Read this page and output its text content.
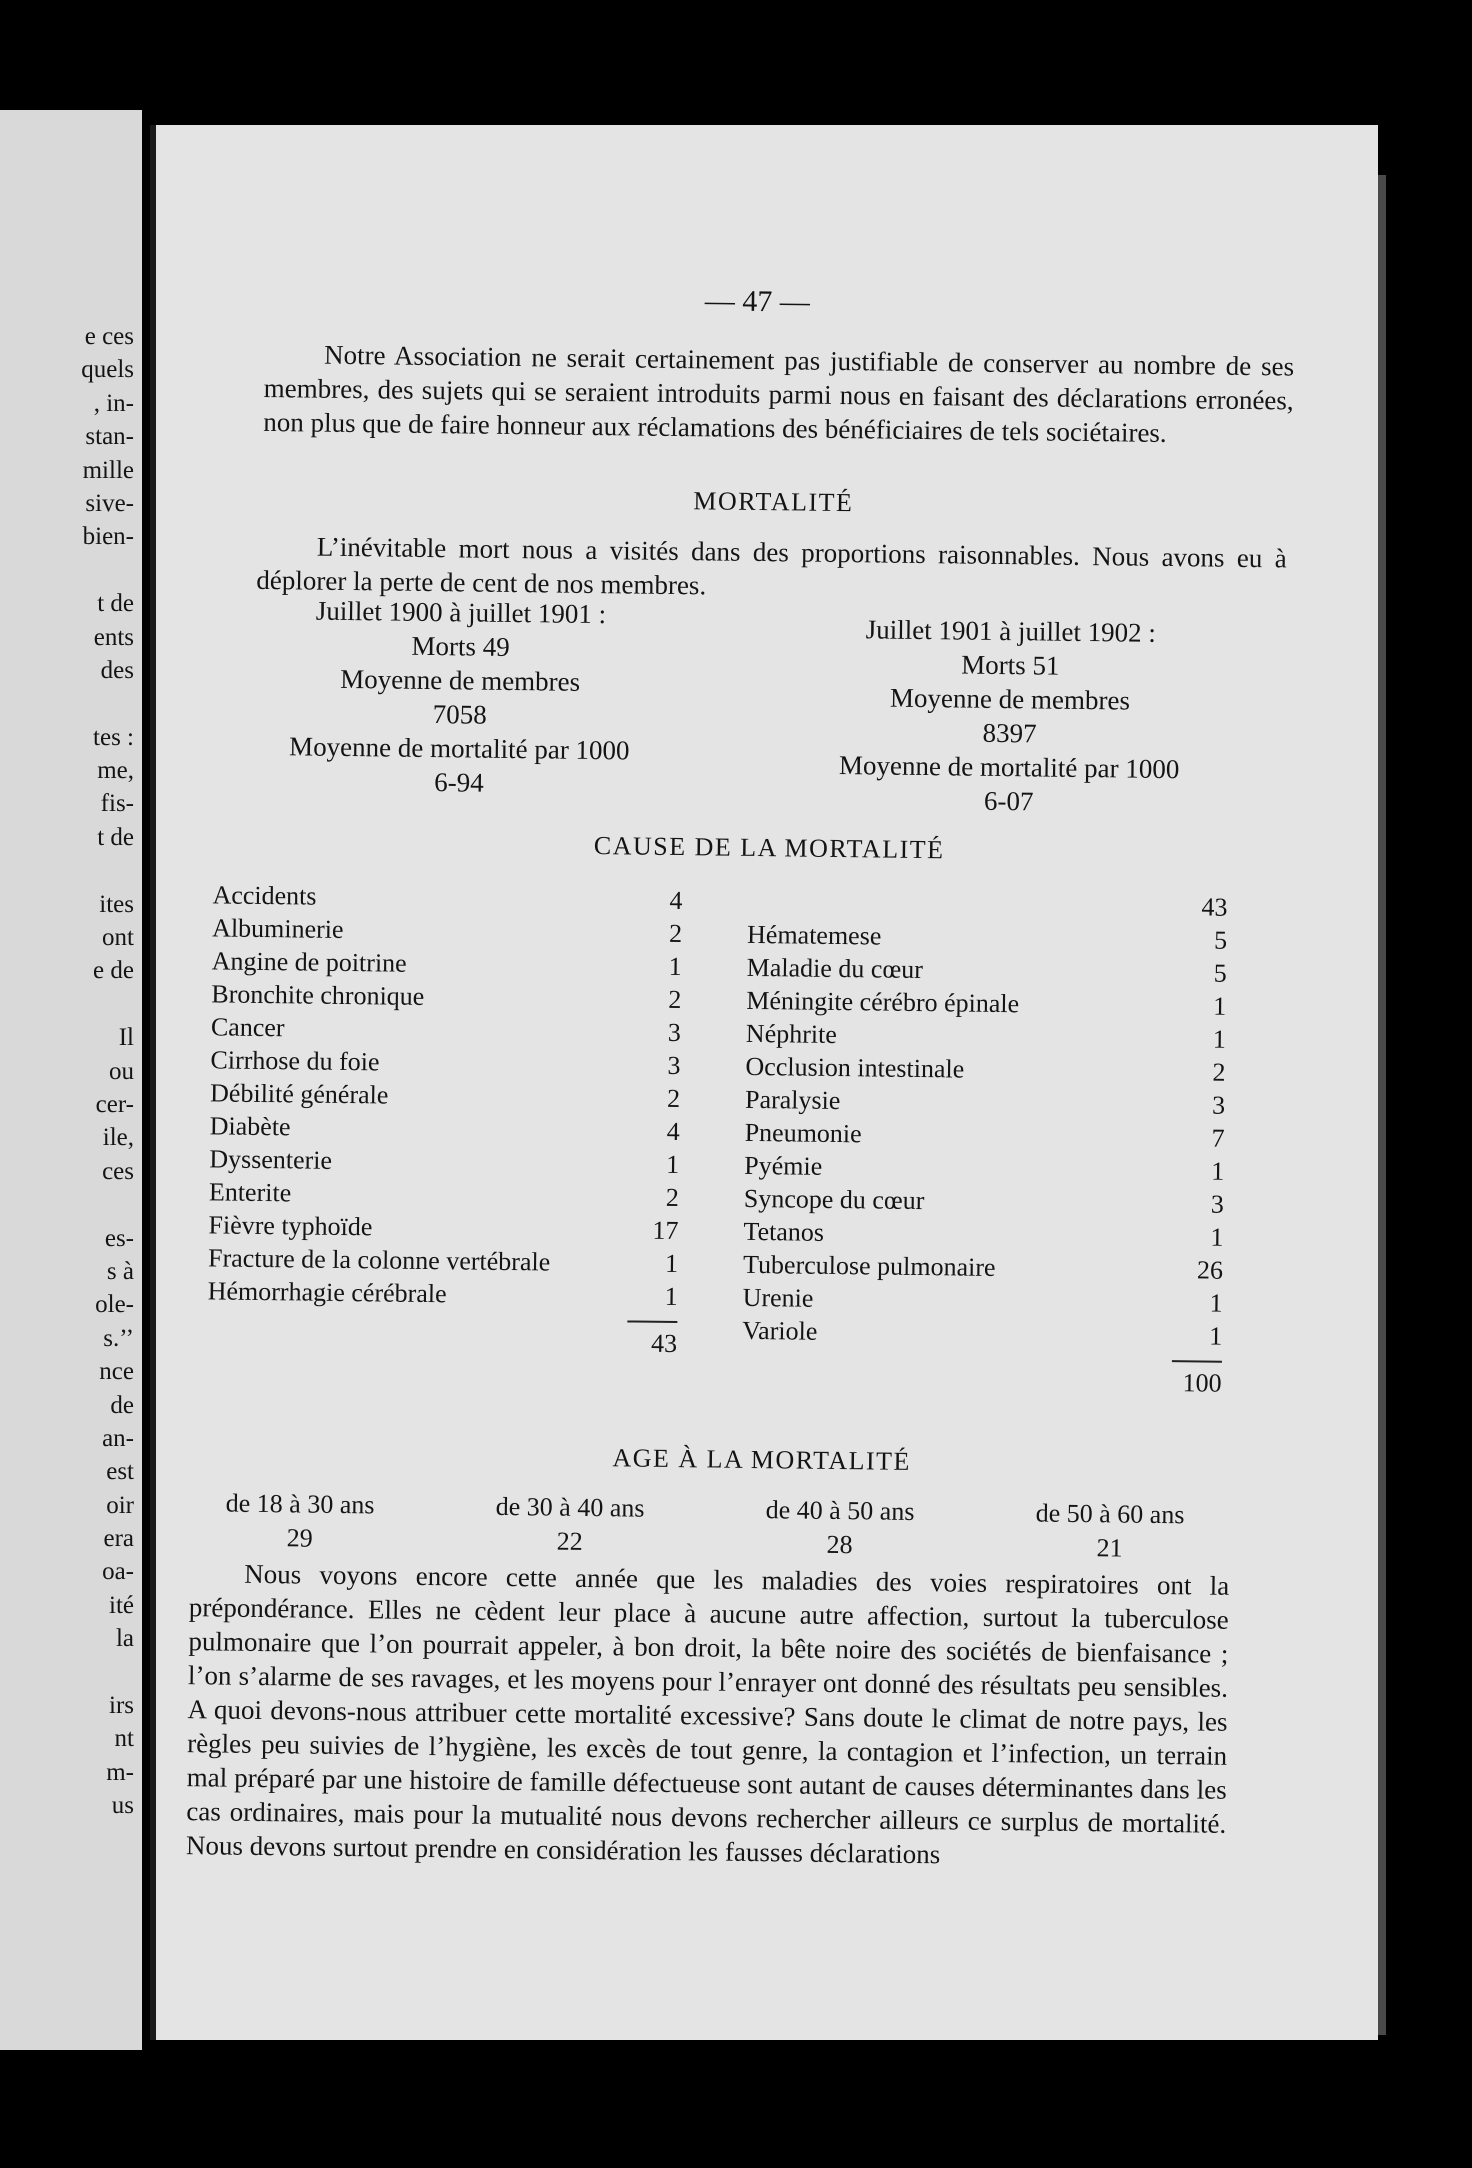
e ces
quels
, in-
stan-
mille
sive-
bien-
t de
ents
des
tes :
me,
fis-
t de
ites
ont
e de
Il
ou
cer-
ile,
ces
es-
s à
ole-
s.’’
nce
de
an-
est
oir
era
oa-
ité
la
irs
nt
m-
us
— 47 —
Notre Association ne serait certainement pas justifiable de conserver au nombre de ses membres, des sujets qui se seraient introduits parmi nous en faisant des déclarations erronées, non plus que de faire honneur aux réclamations des bénéficiaires de tels sociétaires.
MORTALITÉ
L’inévitable mort nous a visités dans des proportions raisonnables. Nous avons eu à déplorer la perte de cent de nos membres.
Juillet 1900 à juillet 1901 :
Morts 49
Moyenne de membres
7058
Moyenne de mortalité par 1000
6-94
Juillet 1901 à juillet 1902 :
Morts 51
Moyenne de membres
8397
Moyenne de mortalité par 1000
6-07
CAUSE DE LA MORTALITÉ
Accidents	4
Albuminerie	2
Angine de poitrine	1
Bronchite chronique	2
Cancer	3
Cirrhose du foie	3
Débilité générale	2
Diabète	4
Dyssenterie	1
Enterite	2
Fièvre typhoïde	17
Fracture de la colonne vertébrale	1
Hémorrhagie cérébrale	1
43
43
Hématemese	5
Maladie du cœur	5
Méningite cérébro épinale	1
Néphrite	1
Occlusion intestinale	2
Paralysie	3
Pneumonie	7
Pyémie	1
Syncope du cœur	3
Tetanos	1
Tuberculose pulmonaire	26
Urenie	1
Variole	1
100
AGE À LA MORTALITÉ
de 18 à 30 ans
29
de 30 à 40 ans
22
de 40 à 50 ans
28
de 50 à 60 ans
21
Nous voyons encore cette année que les maladies des voies respiratoires ont la prépondérance. Elles ne cèdent leur place à aucune autre affection, surtout la tuberculose pulmonaire que l’on pourrait appeler, à bon droit, la bête noire des sociétés de bienfaisance ; l’on s’alarme de ses ravages, et les moyens pour l’enrayer ont donné des résultats peu sensibles. A quoi devons-nous attribuer cette mortalité excessive? Sans doute le climat de notre pays, les règles peu suivies de l’hygiène, les excès de tout genre, la contagion et l’infection, un terrain mal préparé par une histoire de famille défectueuse sont autant de causes déterminantes dans les cas ordinaires, mais pour la mutualité nous devons rechercher ailleurs ce surplus de mortalité. Nous devons surtout prendre en considération les fausses déclarations
